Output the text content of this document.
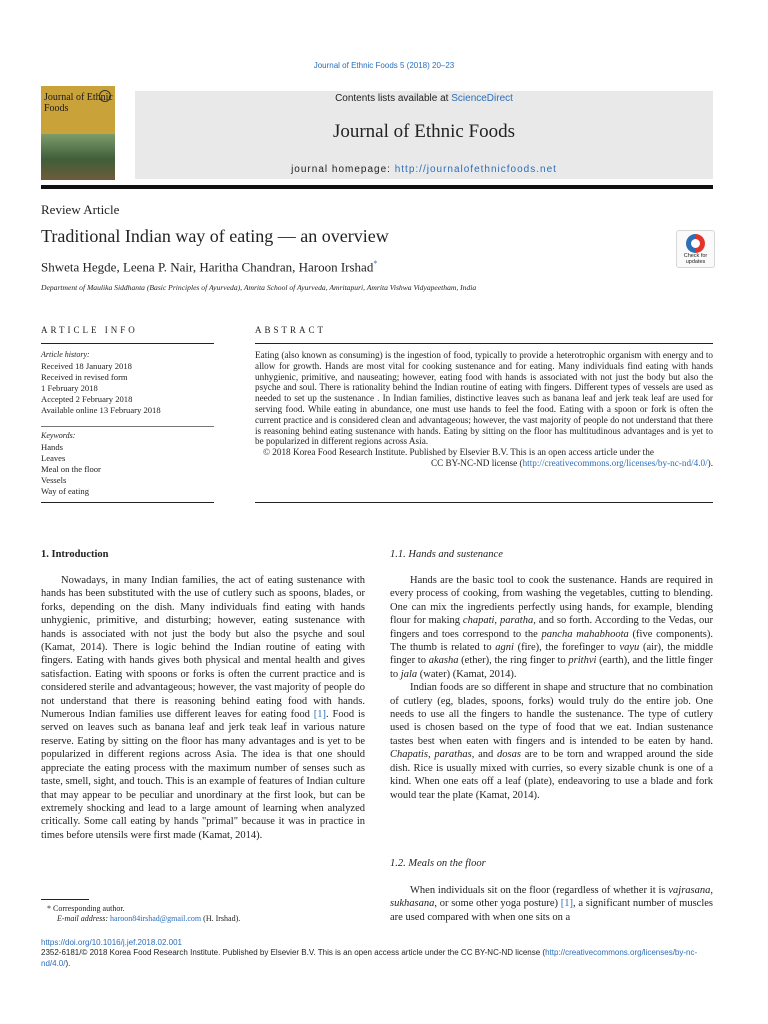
Journal of Ethnic Foods 5 (2018) 20–23
Journal of Ethnic Foods
Contents lists available at ScienceDirect
Journal of Ethnic Foods
journal homepage: http://journalofethnicfoods.net
Review Article
Traditional Indian way of eating — an overview
Check for updates
Shweta Hegde, Leena P. Nair, Haritha Chandran, Haroon Irshad*
Department of Maulika Siddhanta (Basic Principles of Ayurveda), Amrita School of Ayurveda, Amritapuri, Amrita Vishwa Vidyapeetham, India
ARTICLE INFO	ABSTRACT
Article history:
Received 18 January 2018
Received in revised form
1 February 2018
Accepted 2 February 2018
Available online 13 February 2018
Keywords:
Hands
Leaves
Meal on the floor
Vessels
Way of eating
Eating (also known as consuming) is the ingestion of food, typically to provide a heterotrophic organism with energy and to allow for growth. Hands are most vital for cooking sustenance and for eating. Many individuals find eating with hands unhygienic, primitive, and nauseating; however, eating food with hands is associated with not just the body but also the psyche and soul. There is rationality behind the Indian routine of eating with fingers. Different types of vessels are used as needed to set up the sustenance . In Indian families, distinctive leaves such as banana leaf and jerk teak leaf are used for serving food. While eating in abundance, one must use hands to feel the food. Eating with a spoon or fork is often the current practice and is considered clean and advantageous; however, the vast majority of people do not understand that there is reasoning behind eating sustenance with hands. Eating by sitting on the floor has multitudinous advantages and is yet to be popularized in different regions across Asia.
© 2018 Korea Food Research Institute. Published by Elsevier B.V. This is an open access article under the
CC BY-NC-ND license (http://creativecommons.org/licenses/by-nc-nd/4.0/).
1. Introduction

Nowadays, in many Indian families, the act of eating sustenance with hands has been substituted with the use of cutlery such as spoons, blades, or forks, depending on the dish. Many individuals find eating with hands unhygienic, primitive, and disturbing; however, eating sustenance with hands is associated with not just the body but also the psyche and soul (Kamat, 2014). There is logic behind the Indian routine of eating with fingers. Eating with hands gives both physical and mental health and gives satisfaction. Eating with spoons or forks is often the current practice and is considered sterile and advantageous; however, the vast majority of people do not understand that there is reasoning behind eating food with hands. Numerous Indian families use different leaves for eating food [1]. Food is served on leaves such as banana leaf and jerk teak leaf in various nature reserve. Eating by sitting on the floor has many advantages and is yet to be popularized in different regions across Asia. The idea is that one should appreciate the eating process with the maximum number of senses such as taste, smell, sight, and touch. This is an example of features of Indian culture that may appear to be peculiar and unordinary at the first look, but can be extremely shocking and lead to a large amount of learning when analyzed critically. Some call eating by hands "primal" because it was in practice in times before utensils were first made (Kamat, 2014).

1.1. Hands and sustenance

Hands are the basic tool to cook the sustenance. Hands are required in every process of cooking, from washing the vegetables, cutting to blending. One can mix the ingredients perfectly using hands, for example, blending flour for making chapati, paratha, and so forth. According to the Vedas, our fingers and toes correspond to the pancha mahabhoota (five components). The thumb is related to agni (fire), the forefinger to vayu (air), the middle finger to akasha (ether), the ring finger to prithvi (earth), and the little finger to jala (water) (Kamat, 2014).

Indian foods are so different in shape and structure that no combination of cutlery (eg, blades, spoons, forks) would truly do the entire job. One needs to use all the fingers to handle the sustenance. The type of cutlery used is chosen based on the type of food that we eat. Indian sustenance tastes best when eaten with fingers and is intended to be eaten by hand. Chapatis, parathas, and dosas are to be torn and wrapped around the side dish. Rice is usually mixed with curries, so every sizable chunk is one of a kind. When one eats off a leaf (plate), endeavoring to use a blade and fork would tear the plate (Kamat, 2014).

1.2. Meals on the floor

When individuals sit on the floor (regardless of whether it is vajrasana, sukhasana, or some other yoga posture) [1], a significant number of muscles are used compared with when one sits on a

* Corresponding author.
E-mail address: haroon84irshad@gmail.com (H. Irshad).
https://doi.org/10.1016/j.jef.2018.02.001
2352-6181/© 2018 Korea Food Research Institute. Published by Elsevier B.V. This is an open access article under the CC BY-NC-ND license (http://creativecommons.org/licenses/by-nc-nd/4.0/).
